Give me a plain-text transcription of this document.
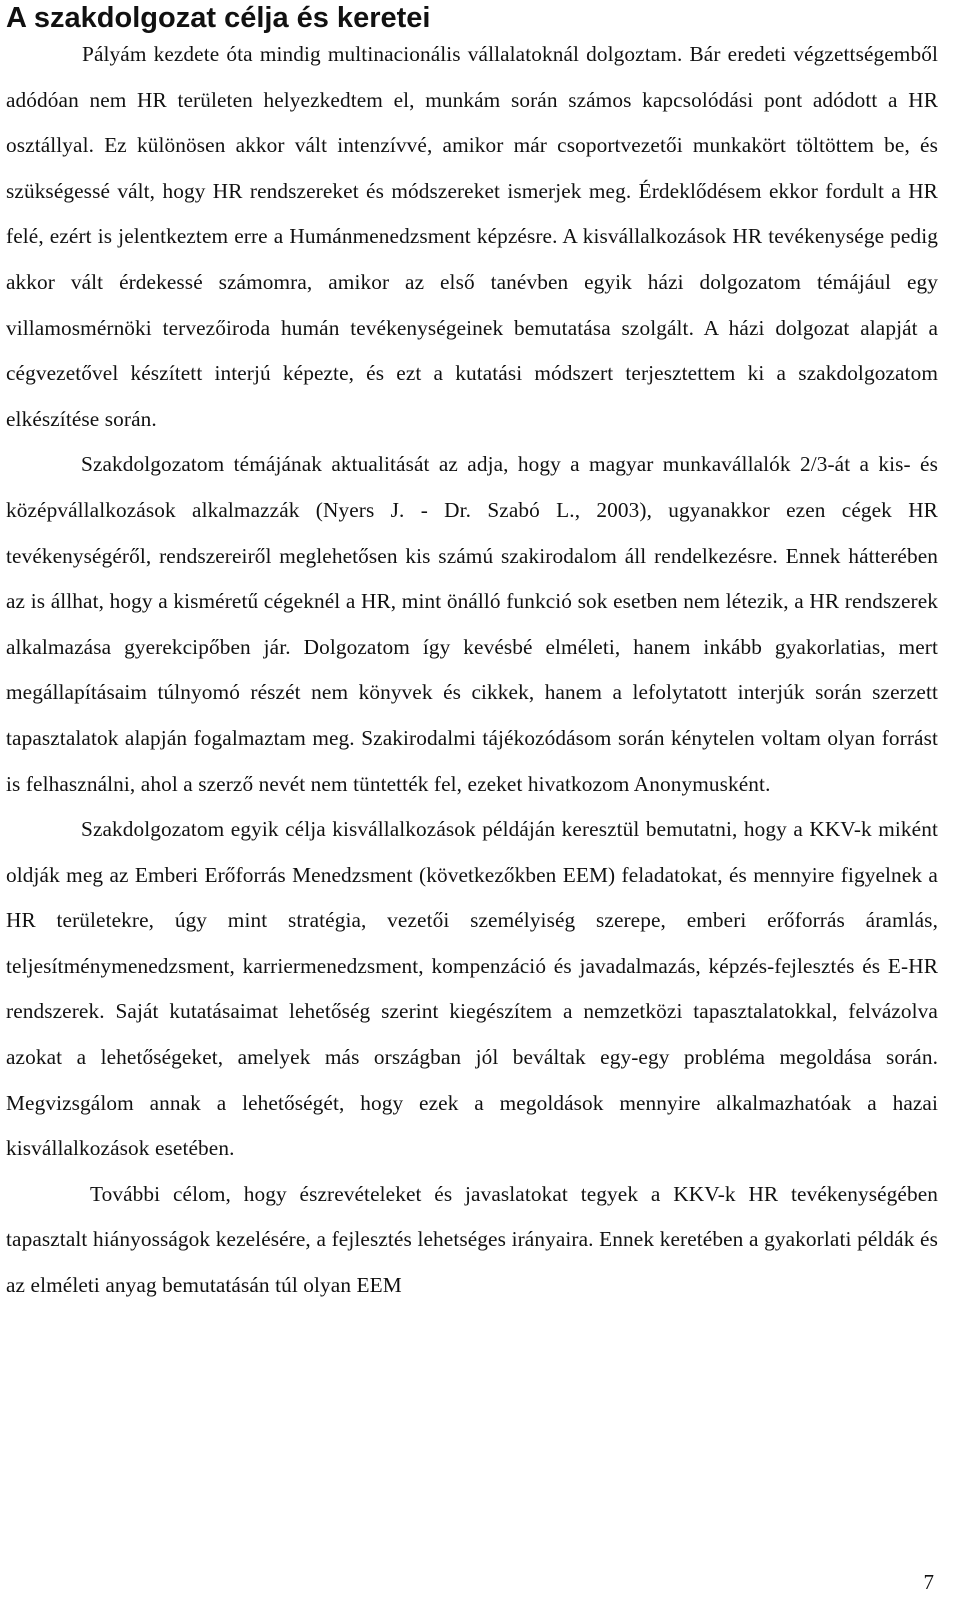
A szakdolgozat célja és keretei

Pályám kezdete óta mindig multinacionális vállalatoknál dolgoztam. Bár eredeti végzettségemből adódóan nem HR területen helyezkedtem el, munkám során számos kapcsolódási pont adódott a HR osztállyal. Ez különösen akkor vált intenzívvé, amikor már csoportvezetői munkakört töltöttem be, és szükségessé vált, hogy HR rendszereket és módszereket ismerjek meg. Érdeklődésem ekkor fordult a HR felé, ezért is jelentkeztem erre a Humánmenedzsment képzésre. A kisvállalkozások HR tevékenysége pedig akkor vált érdekessé számomra, amikor az első tanévben egyik házi dolgozatom témájául egy villamosmérnöki tervezőiroda humán tevékenységeinek bemutatása szolgált. A házi dolgozat alapját a cégvezetővel készített interjú képezte, és ezt a kutatási módszert terjesztettem ki a szakdolgozatom elkészítése során.

Szakdolgozatom témájának aktualitását az adja, hogy a magyar munkavállalók 2/3-át a kis- és középvállalkozások alkalmazzák (Nyers J. - Dr. Szabó L., 2003), ugyanakkor ezen cégek HR tevékenységéről, rendszereiről meglehetősen kis számú szakirodalom áll rendelkezésre. Ennek hátterében az is állhat, hogy a kisméretű cégeknél a HR, mint önálló funkció sok esetben nem létezik, a HR rendszerek alkalmazása gyerekcipőben jár. Dolgozatom így kevésbé elméleti, hanem inkább gyakorlatias, mert megállapításaim túlnyomó részét nem könyvek és cikkek, hanem a lefolytatott interjúk során szerzett tapasztalatok alapján fogalmaztam meg. Szakirodalmi tájékozódásom során kénytelen voltam olyan forrást is felhasználni, ahol a szerző nevét nem tüntették fel, ezeket hivatkozom Anonymusként.

Szakdolgozatom egyik célja kisvállalkozások példáján keresztül bemutatni, hogy a KKV-k miként oldják meg az Emberi Erőforrás Menedzsment (következőkben EEM) feladatokat, és mennyire figyelnek a HR területekre, úgy mint stratégia, vezetői személyiség szerepe, emberi erőforrás áramlás, teljesítménymenedzsment, karriermenedzsment, kompenzáció és javadalmazás, képzés-fejlesztés és E-HR rendszerek. Saját kutatásaimat lehetőség szerint kiegészítem a nemzetközi tapasztalatokkal, felvázolva azokat a lehetőségeket, amelyek más országban jól beváltak egy-egy probléma megoldása során. Megvizsgálom annak a lehetőségét, hogy ezek a megoldások mennyire alkalmazhatóak a hazai kisvállalkozások esetében.

További célom, hogy észrevételeket és javaslatokat tegyek a KKV-k HR tevékenységében tapasztalt hiányosságok kezelésére, a fejlesztés lehetséges irányaira. Ennek keretében a gyakorlati példák és az elméleti anyag bemutatásán túl olyan EEM

7
